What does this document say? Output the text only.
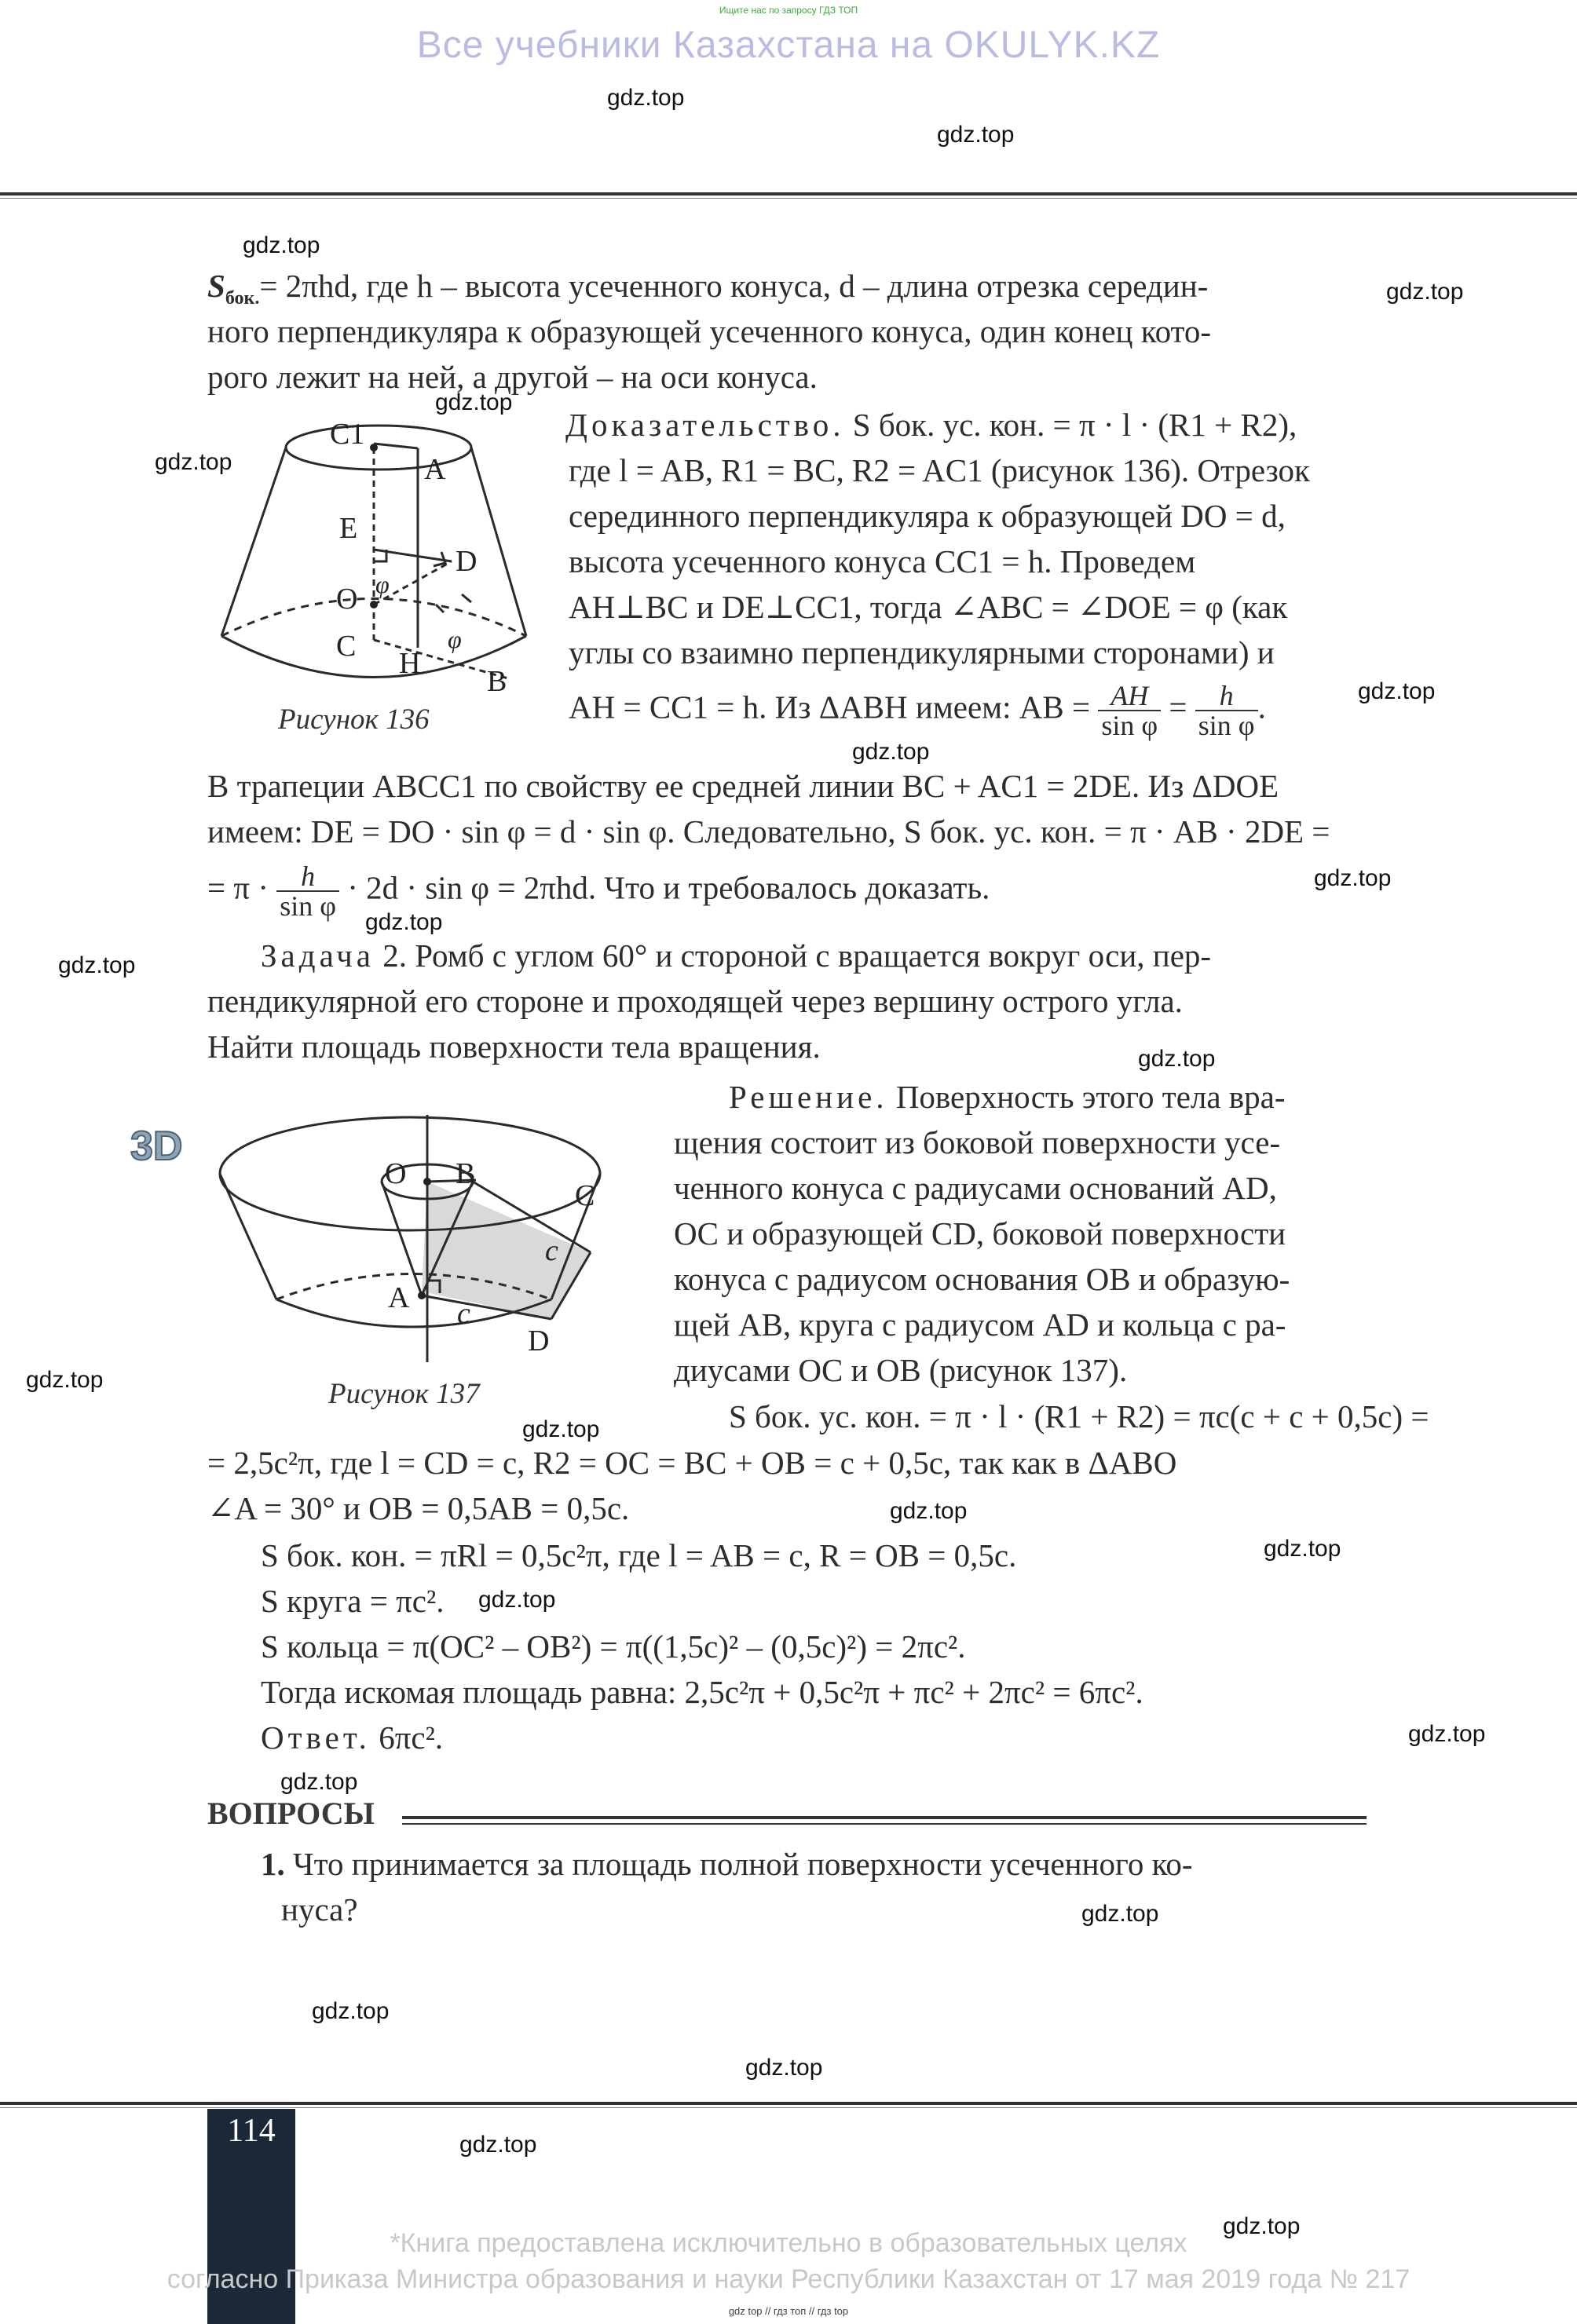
Ищите нас по запросу ГДЗ ТОП
Все учебники Казахстана на OKULYK.KZ
gdz.top
gdz.top
gdz.top
gdz.top
gdz.top
gdz.top
gdz.top
gdz.top
gdz.top
gdz.top
gdz.top
gdz.top
gdz.top
gdz.top
gdz.top
gdz.top
gdz.top
gdz.top
gdz.top
gdz.top
gdz.top
gdz.top
gdz.top
gdz.top
$S_{бок.}= 2\pi hd$, где h – высота усеченного конуса, d – длина отрезка середин-
ного перпендикуляра к образующей усеченного конуса, один конец кото-
рого лежит на ней, а другой – на оси конуса.
C1
A
E
D
O φ
C
H
φ
B
Рисунок 136
Доказательство. S бок. ус. кон. = π · l · (R1 + R2),
где l = AB, R1 = BC, R2 = AC1 (рисунок 136). Отрезок
серединного перпендикуляра к образующей DO = d,
высота усеченного конуса CC1 = h. Проведем
AH⊥BC и DE⊥CC1, тогда ∠ABC = ∠DOE = φ (как
углы со взаимно перпендикулярными сторонами) и
AH = CC1 = h. Из ΔABH имеем: AB = $\frac{AH}{\text{sin φ}} = \frac{h}{\text{sin φ}}$ .
В трапеции ABCC1 по свойству ее средней линии BC + AC1 = 2DE. Из ΔDOE
имеем: DE = DO · sin φ = d · sin φ. Следовательно, S бок. ус. кон. = π · AB · 2DE =
= $\pi \cdot \frac{h}{\text{sin φ}} \cdot 2d \cdot \sin \varphi = 2\pi hd$. Что и требовалось доказать.
Задача 2. Ромб с углом 60° и стороной c вращается вокруг оси, пер-
пендикулярной его стороне и проходящей через вершину острого угла.
Найти площадь поверхности тела вращения.
3D
O B
C
c
A c
D
Рисунок 137
Решение. Поверхность этого тела вра-
щения состоит из боковой поверхности усе-
ченного конуса с радиусами оснований AD,
OC и образующей CD, боковой поверхности
конуса с радиусом основания OB и образую-
щей AB, круга с радиусом AD и кольца с ра-
диусами OC и OB (рисунок 137).
S бок. ус. кон. = π · l · (R1 + R2) = πc(c + c + 0,5c) =
= 2,5c²π, где l = CD = c, R2 = OC = BC + OB = c + 0,5c, так как в ΔABO
∠A = 30° и OB = 0,5AB = 0,5c.
S бок. кон. = πRl = 0,5c²π, где l = AB = c, R = OB = 0,5c.
S круга = πc².
S кольца = π(OC² – OB²) = π((1,5c)² – (0,5c)²) = 2πc².
Тогда искомая площадь равна: 2,5c²π + 0,5c²π + πc² + 2πc² = 6πc².
Ответ. 6πc².
ВОПРОСЫ
1. Что принимается за площадь полной поверхности усеченного ко-
нуса?
114
*Книга предоставлена исключительно в образовательных целях
согласно Приказа Министра образования и науки Республики Казахстан от 17 мая 2019 года № 217
gdz top // гдз топ // гдз top
